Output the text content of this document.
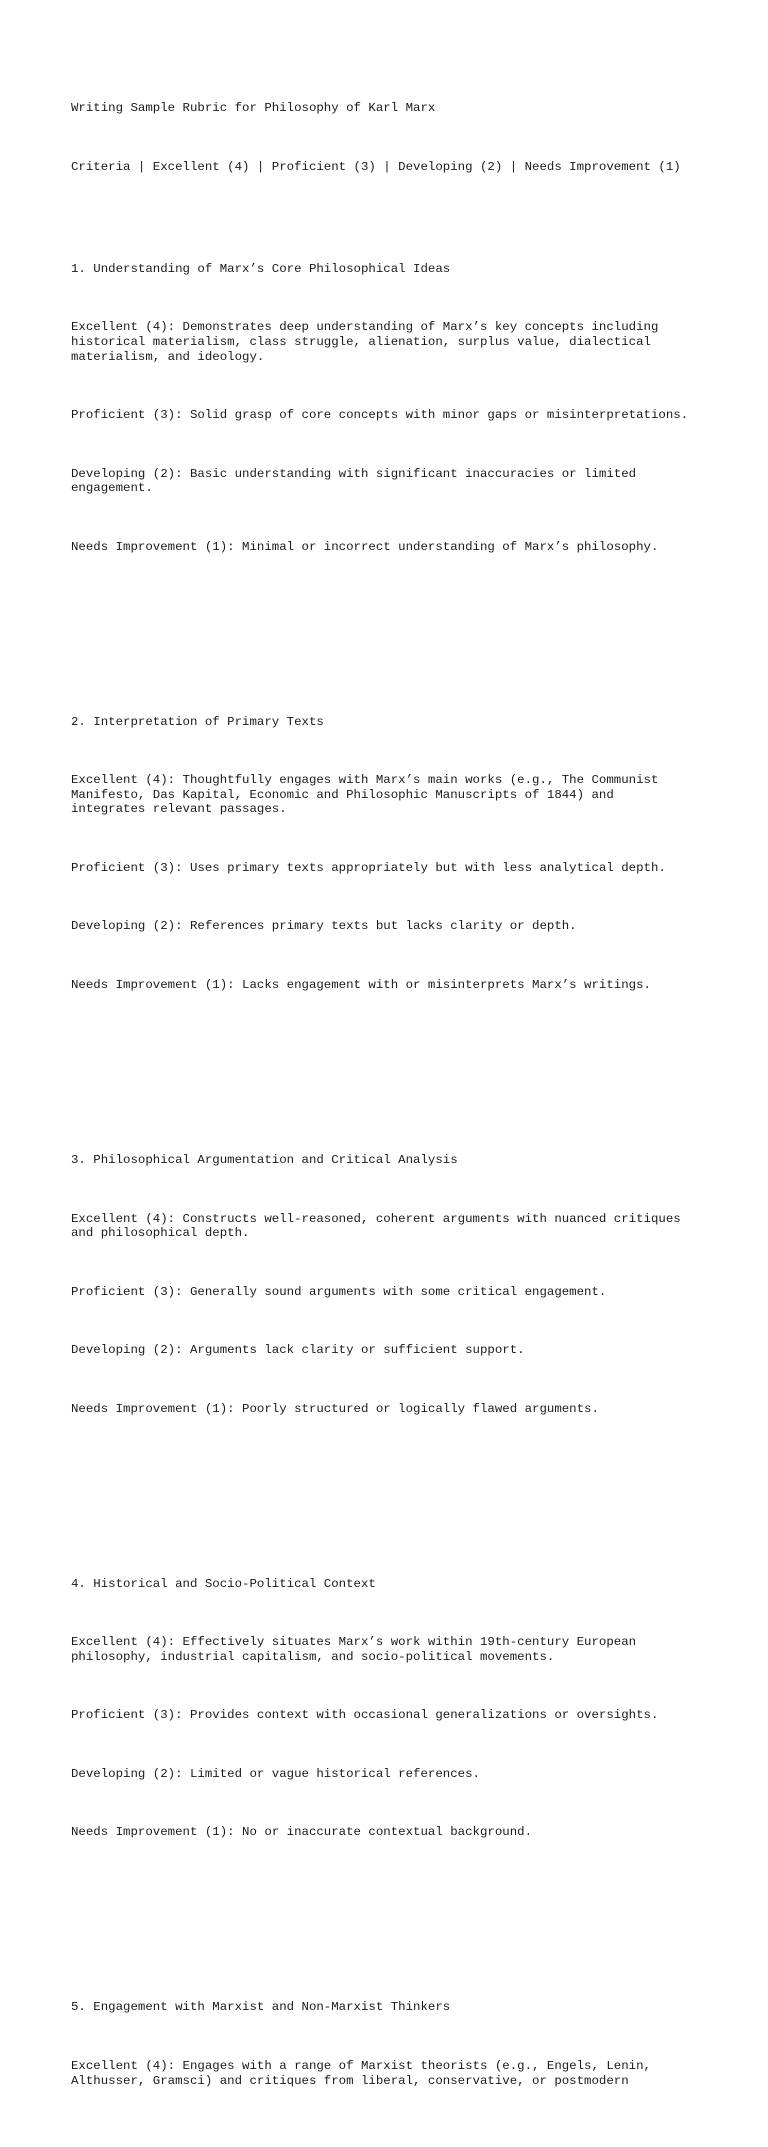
Writing Sample Rubric for Philosophy of Karl Marx

Criteria | Excellent (4) | Proficient (3) | Developing (2) | Needs Improvement (1)

1. Understanding of Marx’s Core Philosophical Ideas

Excellent (4): Demonstrates deep understanding of Marx’s key concepts including
historical materialism, class struggle, alienation, surplus value, dialectical
materialism, and ideology.

Proficient (3): Solid grasp of core concepts with minor gaps or misinterpretations.

Developing (2): Basic understanding with significant inaccuracies or limited
engagement.

Needs Improvement (1): Minimal or incorrect understanding of Marx’s philosophy.

2. Interpretation of Primary Texts

Excellent (4): Thoughtfully engages with Marx’s main works (e.g., The Communist
Manifesto, Das Kapital, Economic and Philosophic Manuscripts of 1844) and
integrates relevant passages.

Proficient (3): Uses primary texts appropriately but with less analytical depth.

Developing (2): References primary texts but lacks clarity or depth.

Needs Improvement (1): Lacks engagement with or misinterprets Marx’s writings.

3. Philosophical Argumentation and Critical Analysis

Excellent (4): Constructs well-reasoned, coherent arguments with nuanced critiques
and philosophical depth.

Proficient (3): Generally sound arguments with some critical engagement.

Developing (2): Arguments lack clarity or sufficient support.

Needs Improvement (1): Poorly structured or logically flawed arguments.

4. Historical and Socio-Political Context

Excellent (4): Effectively situates Marx’s work within 19th-century European
philosophy, industrial capitalism, and socio-political movements.

Proficient (3): Provides context with occasional generalizations or oversights.

Developing (2): Limited or vague historical references.

Needs Improvement (1): No or inaccurate contextual background.

5. Engagement with Marxist and Non-Marxist Thinkers

Excellent (4): Engages with a range of Marxist theorists (e.g., Engels, Lenin,
Althusser, Gramsci) and critiques from liberal, conservative, or postmodern
